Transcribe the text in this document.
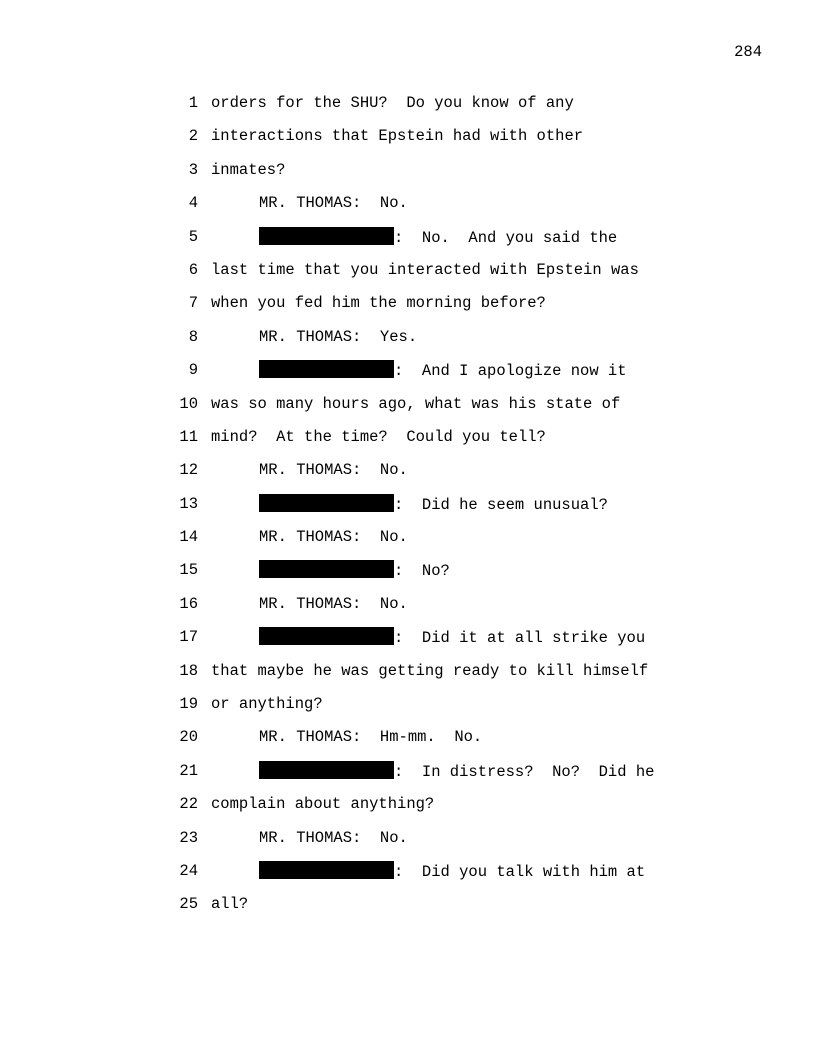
284
1 orders for the SHU?  Do you know of any
2 interactions that Epstein had with other
3 inmates?
4	MR. THOMAS:  No.
5	:  No.  And you said the
6 last time that you interacted with Epstein was
7 when you fed him the morning before?
8	MR. THOMAS:  Yes.
9	:  And I apologize now it
10 was so many hours ago, what was his state of
11 mind?  At the time?  Could you tell?
12	MR. THOMAS:  No.
13	:  Did he seem unusual?
14	MR. THOMAS:  No.
15	:  No?
16	MR. THOMAS:  No.
17	:  Did it at all strike you
18 that maybe he was getting ready to kill himself
19 or anything?
20	MR. THOMAS:  Hm-mm.  No.
21	:  In distress?  No?  Did he
22 complain about anything?
23	MR. THOMAS:  No.
24	:  Did you talk with him at
25 all?
